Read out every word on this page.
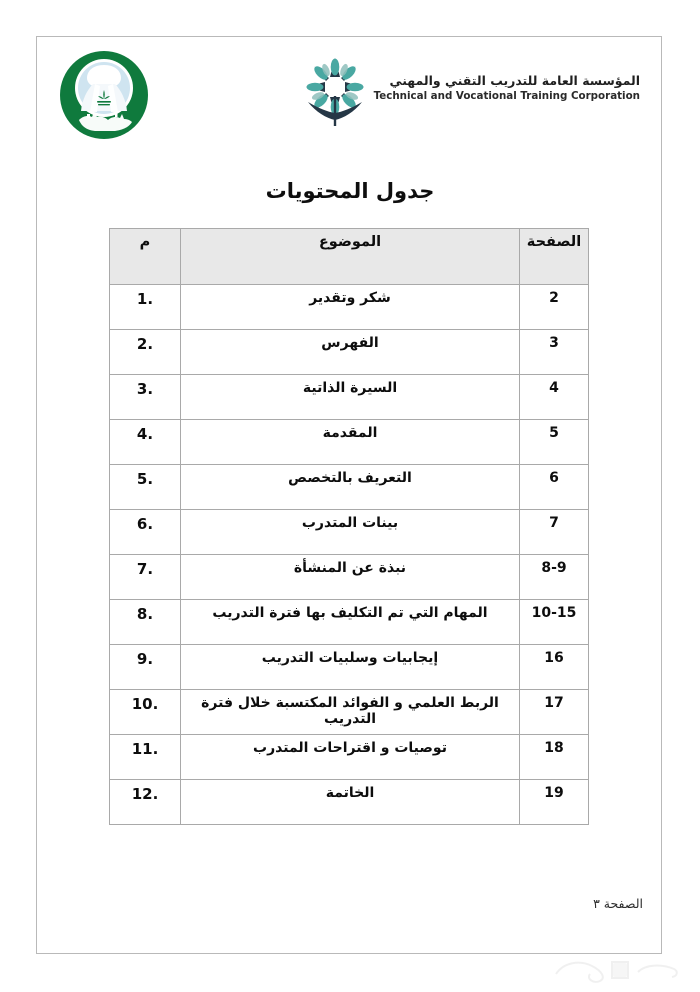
المؤسسة العامة للتدريب التقني والمهني
Technical and Vocational Training Corporation
جدول المحتويات
الصفحة	الموضوع	م
2	شكر وتقدير	1.
3	الفهرس	2.
4	السيرة الذاتية	3.
5	المقدمة	4.
6	التعريف بالتخصص	5.
7	بينات المتدرب	6.
8-9	نبذة عن المنشأة	7.
10-15	المهام التي تم التكليف بها فترة التدريب	8.
16	إيجابيات وسلبيات التدريب	9.
17	الربط العلمي و الفوائد المكتسبة خلال فترة التدريب	10.
18	توصيات و اقتراحات المتدرب	11.
19	الخاتمة	12.
الصفحة ٣
